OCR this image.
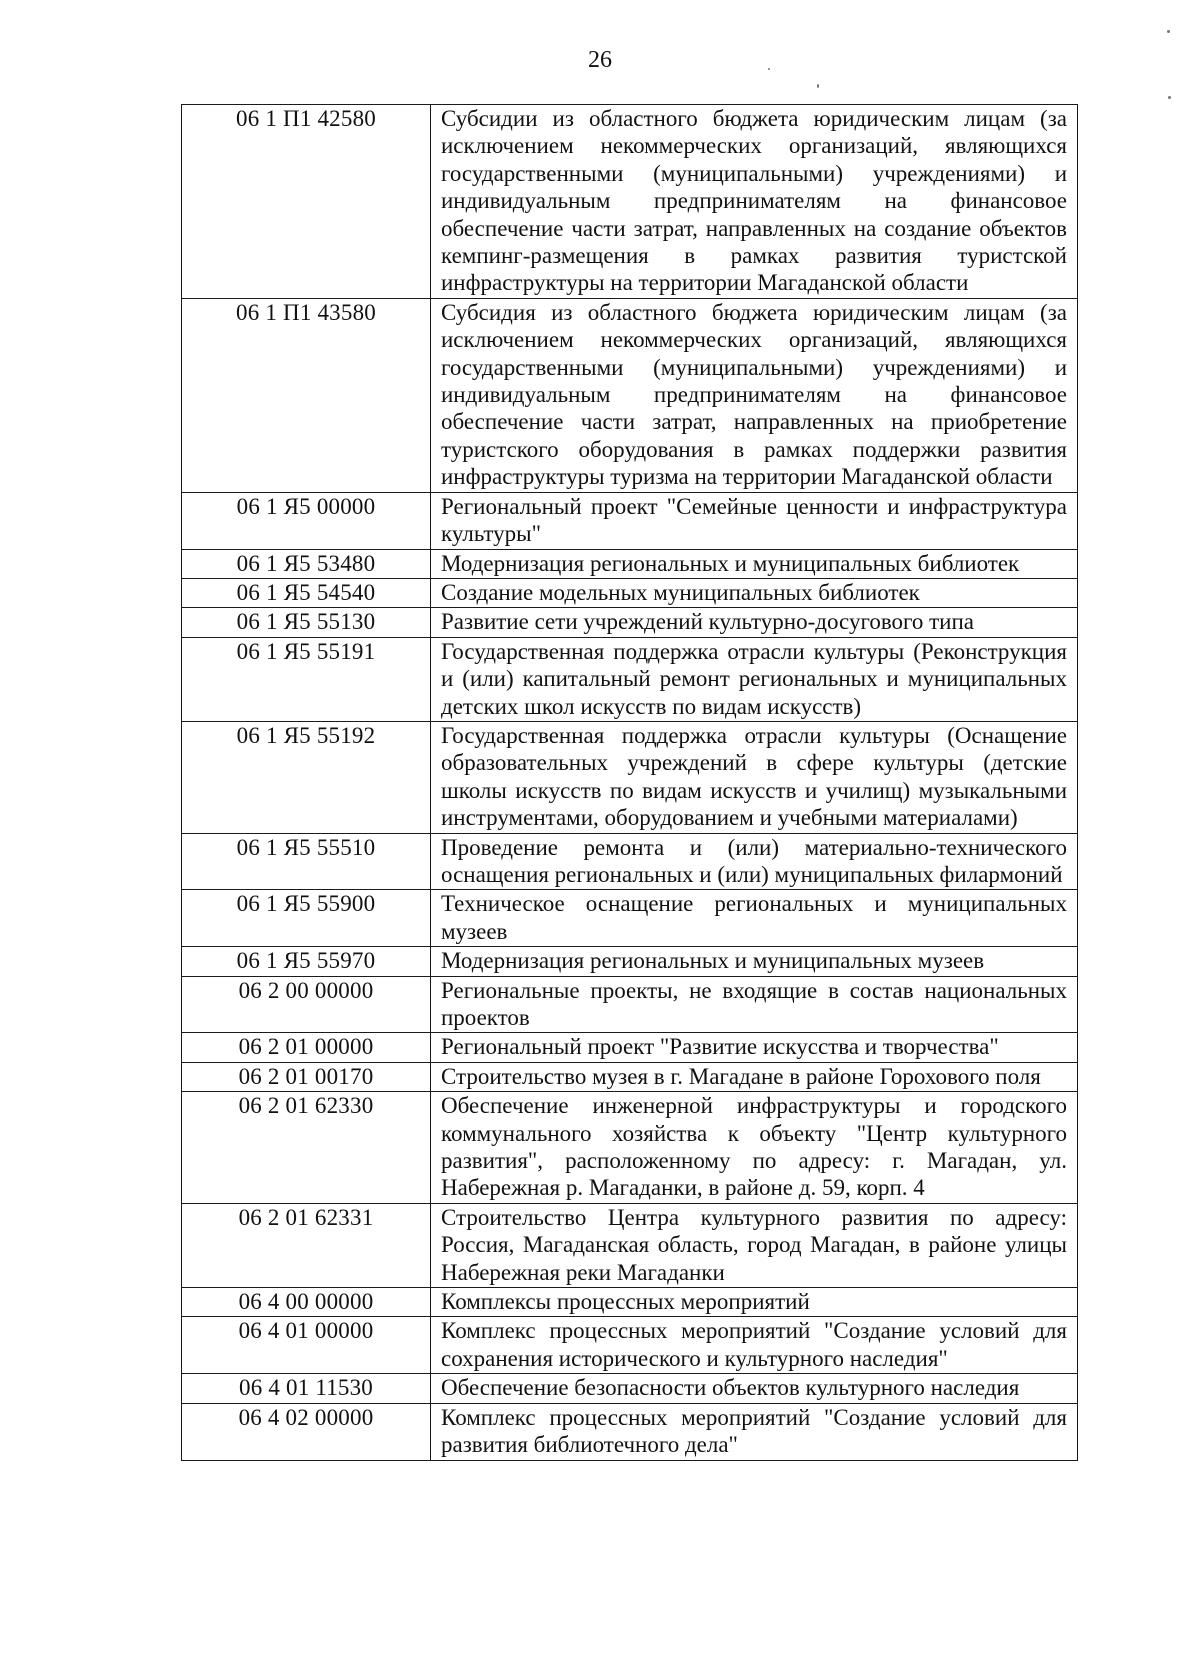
26
06 1 П1 42580	Субсидии из областного бюджета юридическим лицам (за исключением некоммерческих организаций, являющихся государственными (муниципальными) учреждениями) и индивидуальным предпринимателям на финансовое обеспечение части затрат, направленных на создание объектов кемпинг-размещения в рамках развития туристской инфраструктуры на территории Магаданской области
06 1 П1 43580	Субсидия из областного бюджета юридическим лицам (за исключением некоммерческих организаций, являющихся государственными (муниципальными) учреждениями) и индивидуальным предпринимателям на финансовое обеспечение части затрат, направленных на приобретение туристского оборудования в рамках поддержки развития инфраструктуры туризма на территории Магаданской области
06 1 Я5 00000	Региональный проект "Семейные ценности и инфраструктура культуры"
06 1 Я5 53480	Модернизация региональных и муниципальных библиотек
06 1 Я5 54540	Создание модельных муниципальных библиотек
06 1 Я5 55130	Развитие сети учреждений культурно-досугового типа
06 1 Я5 55191	Государственная поддержка отрасли культуры (Реконструкция и (или) капитальный ремонт региональных и муниципальных детских школ искусств по видам искусств)
06 1 Я5 55192	Государственная поддержка отрасли культуры (Оснащение образовательных учреждений в сфере культуры (детские школы искусств по видам искусств и училищ) музыкальными инструментами, оборудованием и учебными материалами)
06 1 Я5 55510	Проведение ремонта и (или) материально-технического оснащения региональных и (или) муниципальных филармоний
06 1 Я5 55900	Техническое оснащение региональных и муниципальных музеев
06 1 Я5 55970	Модернизация региональных и муниципальных музеев
06 2 00 00000	Региональные проекты, не входящие в состав национальных проектов
06 2 01 00000	Региональный проект "Развитие искусства и творчества"
06 2 01 00170	Строительство музея в г. Магадане в районе Горохового поля
06 2 01 62330	Обеспечение инженерной инфраструктуры и городского коммунального хозяйства к объекту "Центр культурного развития", расположенному по адресу: г. Магадан, ул. Набережная р. Магаданки, в районе д. 59, корп. 4
06 2 01 62331	Строительство Центра культурного развития по адресу: Россия, Магаданская область, город Магадан, в районе улицы Набережная реки Магаданки
06 4 00 00000	Комплексы процессных мероприятий
06 4 01 00000	Комплекс процессных мероприятий "Создание условий для сохранения исторического и культурного наследия"
06 4 01 11530	Обеспечение безопасности объектов культурного наследия
06 4 02 00000	Комплекс процессных мероприятий "Создание условий для развития библиотечного дела"
